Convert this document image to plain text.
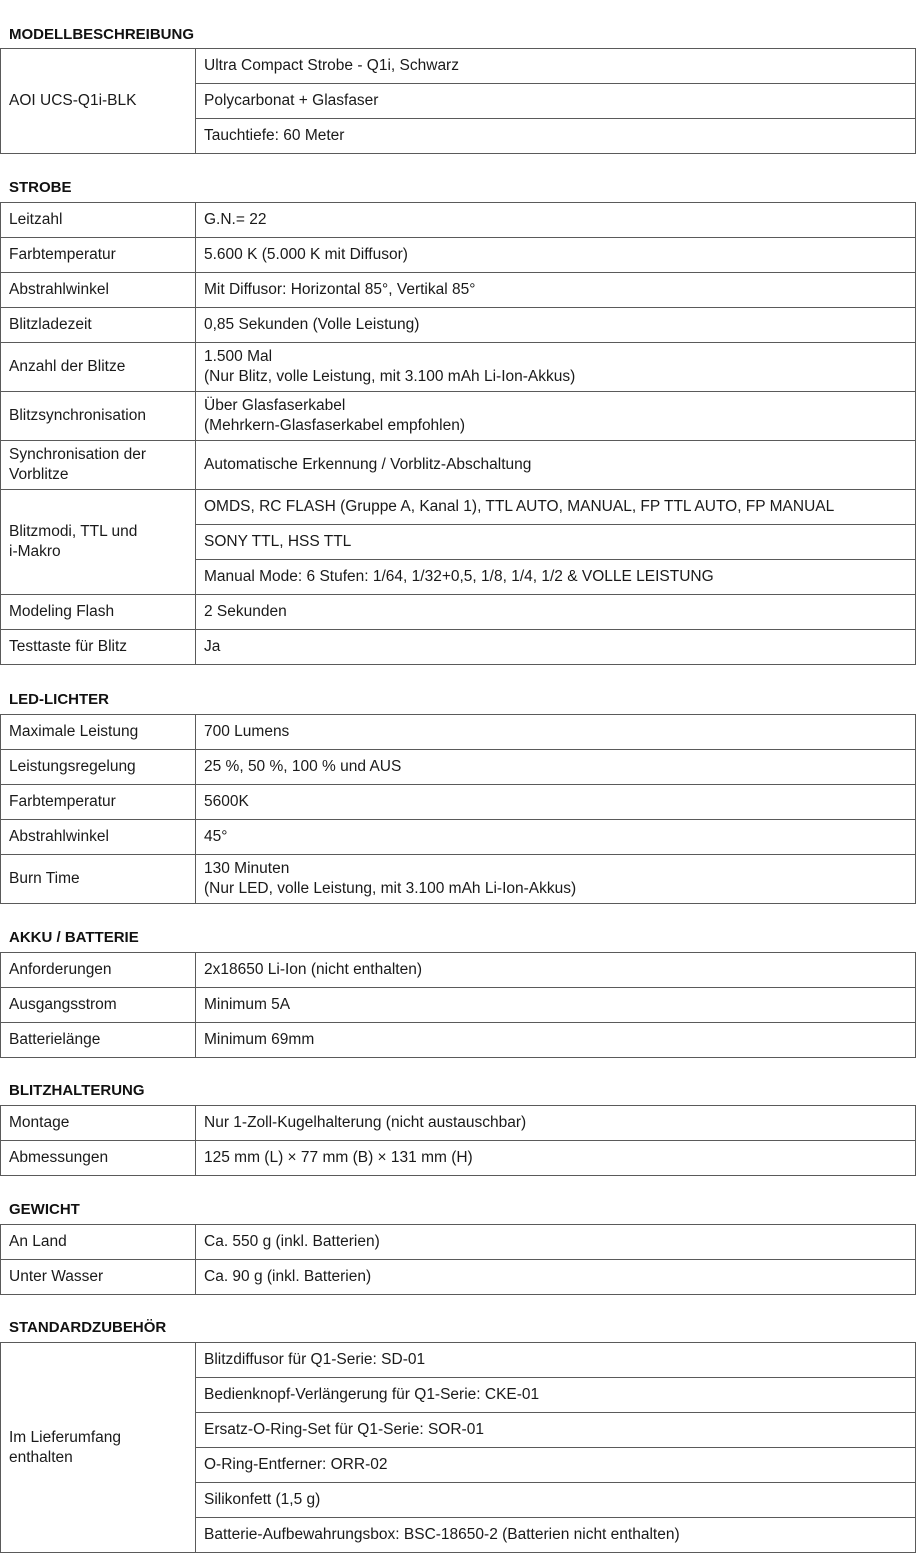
MODELLBESCHREIBUNG
AOI UCS-Q1i-BLK	Ultra Compact Strobe - Q1i, Schwarz
Polycarbonat + Glasfaser
Tauchtiefe: 60 Meter
STROBE
Leitzahl	G.N.= 22
Farbtemperatur	5.600 K (5.000 K mit Diffusor)
Abstrahlwinkel	Mit Diffusor: Horizontal 85°, Vertikal 85°
Blitzladezeit	0,85 Sekunden (Volle Leistung)
Anzahl der Blitze	1.500 Mal
(Nur Blitz, volle Leistung, mit 3.100 mAh Li-Ion-Akkus)

Blitzsynchronisation	Über Glasfaserkabel
(Mehrkern-Glasfaserkabel empfohlen)

Synchronisation der
Vorblitze	Automatische Erkennung / Vorblitz-Abschaltung

Blitzmodi, TTL und
i-Makro	OMDS, RC FLASH (Gruppe A, Kanal 1), TTL AUTO, MANUAL, FP TTL AUTO, FP MANUAL
	SONY TTL, HSS TTL
	Manual Mode: 6 Stufen: 1/64, 1/32+0,5, 1/8, 1/4, 1/2 & VOLLE LEISTUNG
Modeling Flash	2 Sekunden
Testtaste für Blitz	Ja
LED-LICHTER
Maximale Leistung	700 Lumens
Leistungsregelung	25 %, 50 %, 100 % und AUS
Farbtemperatur	5600K
Abstrahlwinkel	45°
Burn Time	130 Minuten
(Nur LED, volle Leistung, mit 3.100 mAh Li-Ion-Akkus)
AKKU / BATTERIE
Anforderungen	2x18650 Li-Ion (nicht enthalten)
Ausgangsstrom	Minimum 5A
Batterielänge	Minimum 69mm
BLITZHALTERUNG
Montage	Nur 1-Zoll-Kugelhalterung (nicht austauschbar)
Abmessungen	125 mm (L) × 77 mm (B) × 131 mm (H)
GEWICHT
An Land	Ca. 550 g (inkl. Batterien)
Unter Wasser	Ca. 90 g (inkl. Batterien)
STANDARDZUBEHÖR
Im Lieferumfang
enthalten
	Blitzdiffusor für Q1-Serie: SD-01
Bedienknopf-Verlängerung für Q1-Serie: CKE-01
Ersatz-O-Ring-Set für Q1-Serie: SOR-01
O-Ring-Entferner: ORR-02
Silikonfett (1,5 g)
Batterie-Aufbewahrungsbox: BSC-18650-2 (Batterien nicht enthalten)
